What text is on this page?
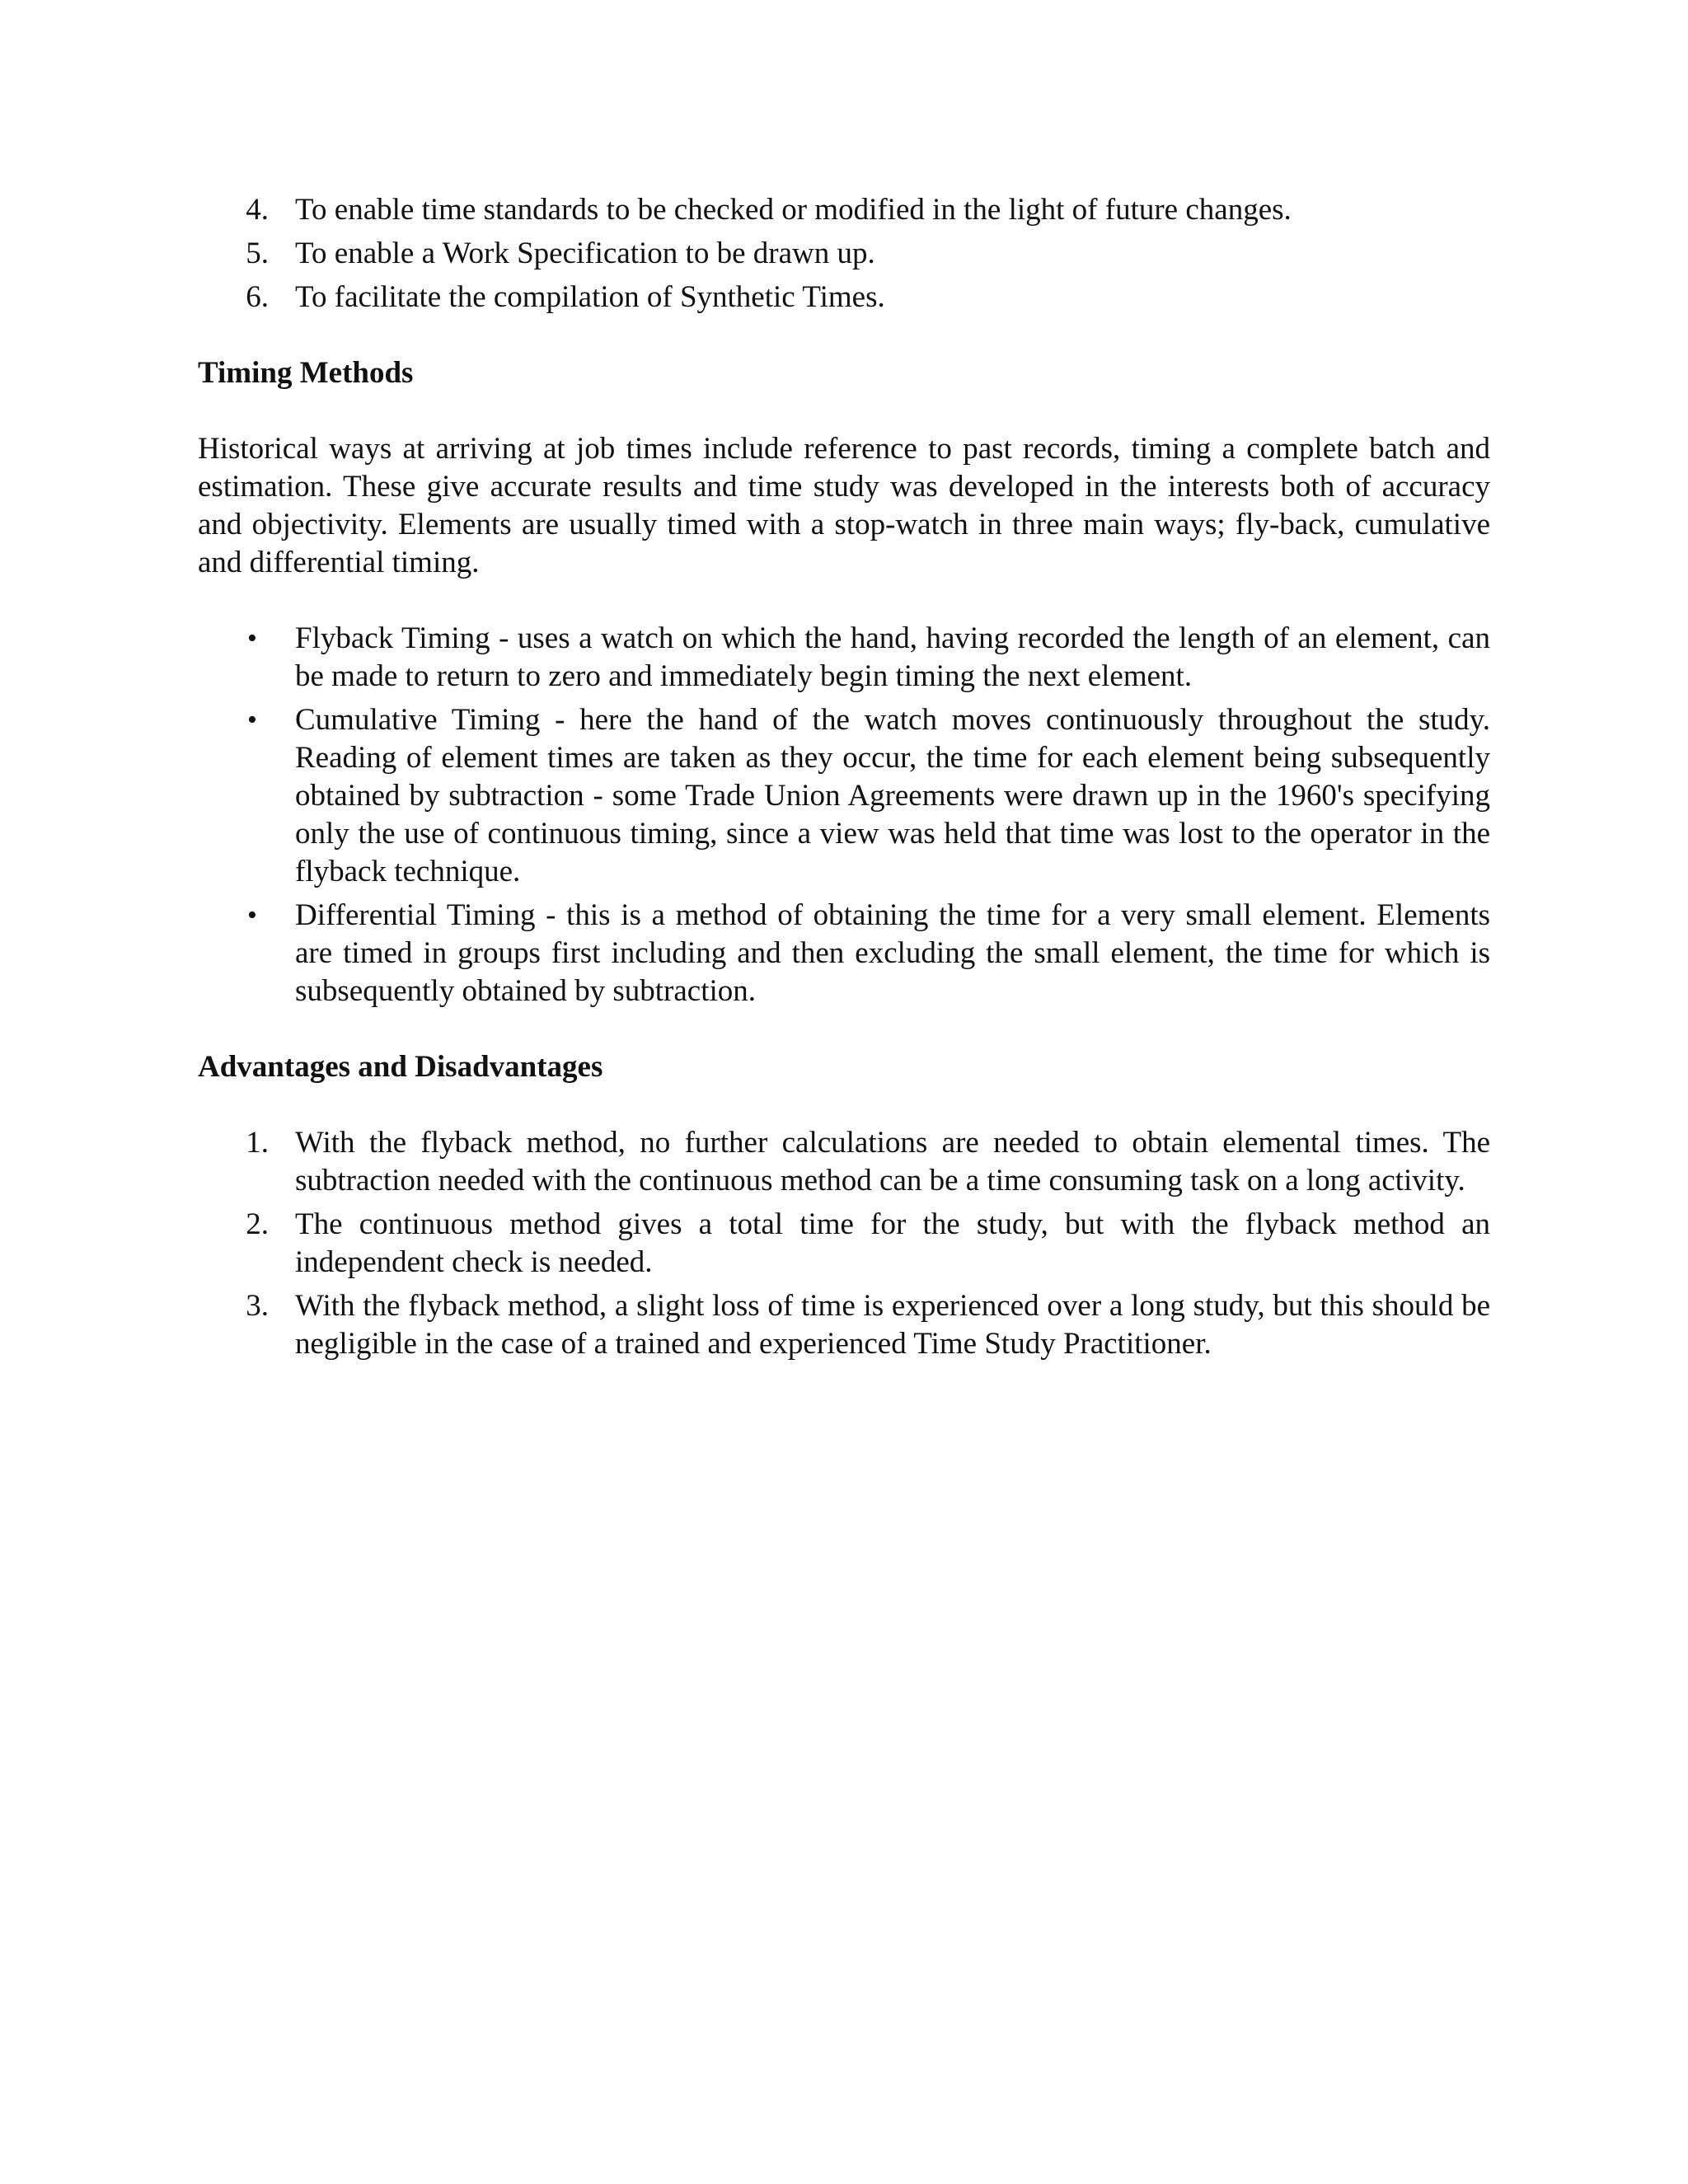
4. To enable time standards to be checked or modified in the light of future changes.
5. To enable a Work Specification to be drawn up.
6. To facilitate the compilation of Synthetic Times.
Timing Methods

Historical ways at arriving at job times include reference to past records, timing a complete batch and estimation. These give accurate results and time study was developed in the interests both of accuracy and objectivity. Elements are usually timed with a stop-watch in three main ways; fly-back, cumulative and differential timing.

• Flyback Timing - uses a watch on which the hand, having recorded the length of an element, can be made to return to zero and immediately begin timing the next element.
• Cumulative Timing - here the hand of the watch moves continuously throughout the study. Reading of element times are taken as they occur, the time for each element being subsequently obtained by subtraction - some Trade Union Agreements were drawn up in the 1960's specifying only the use of continuous timing, since a view was held that time was lost to the operator in the flyback technique.
• Differential Timing - this is a method of obtaining the time for a very small element. Elements are timed in groups first including and then excluding the small element, the time for which is subsequently obtained by subtraction.
Advantages and Disadvantages
1. With the flyback method, no further calculations are needed to obtain elemental times. The subtraction needed with the continuous method can be a time consuming task on a long activity.
2. The continuous method gives a total time for the study, but with the flyback method an independent check is needed.
3. With the flyback method, a slight loss of time is experienced over a long study, but this should be negligible in the case of a trained and experienced Time Study Practitioner.
